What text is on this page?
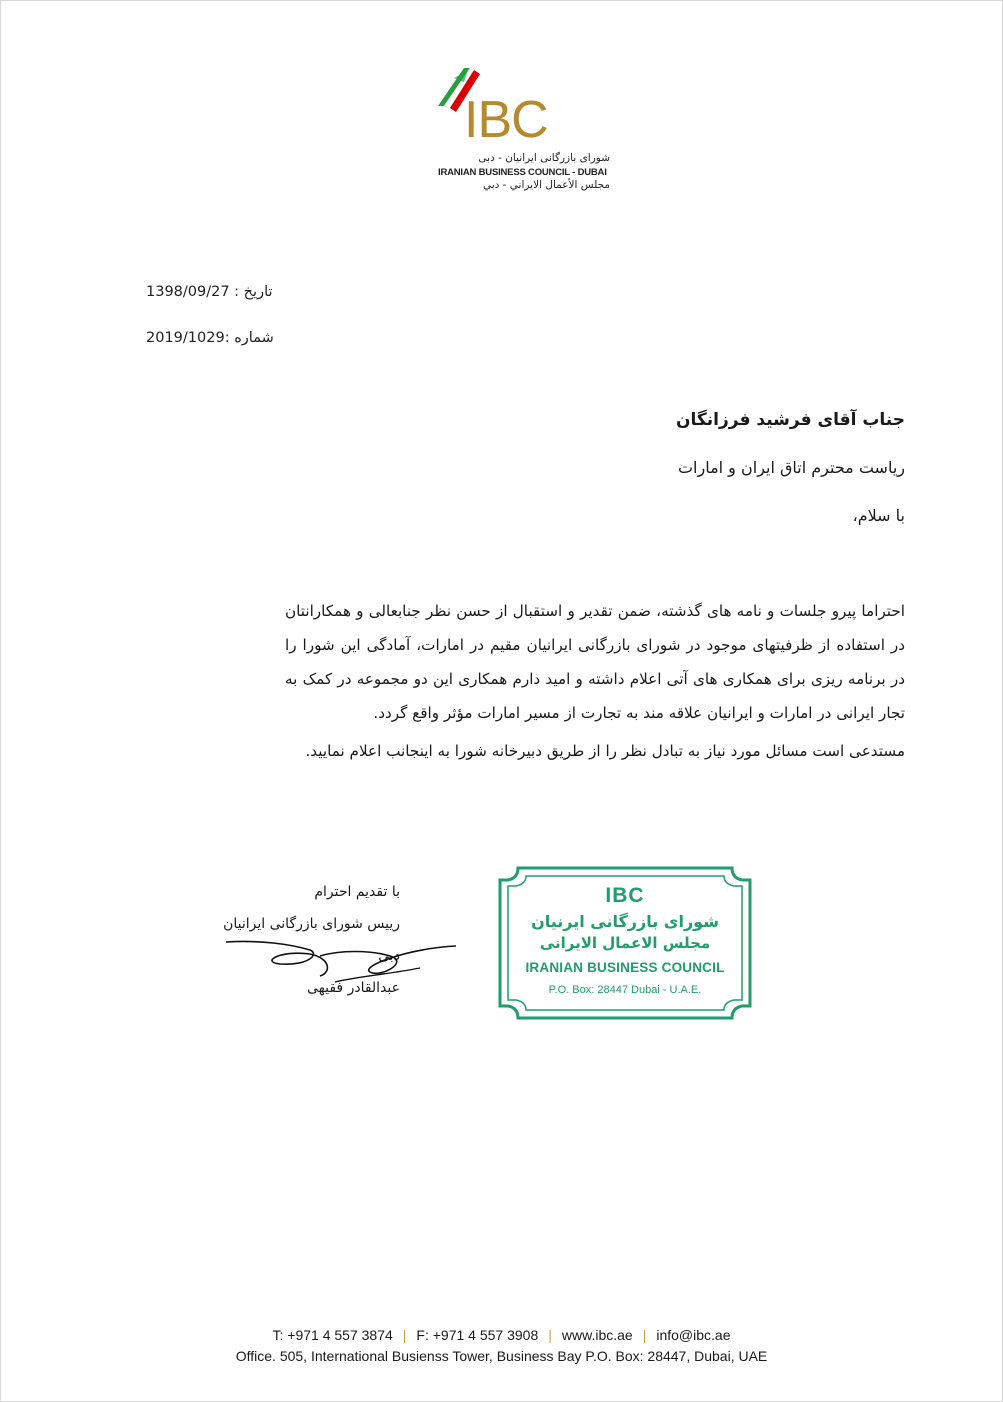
IBC
شورای بازرگانی ایرانیان - دبی
IRANIAN BUSINESS COUNCIL - DUBAI
مجلس الأعمال الايراني - دبي
تاریخ : 1398/09/27
شماره :2019/1029
جناب آقای فرشید فرزانگان
ریاست محترم اتاق ایران و امارات
با سلام،

احتراما پیرو جلسات و نامه های گذشته، ضمن تقدیر و استقبال از حسن نظر جنابعالی و همکارانتان در استفاده از ظرفیتهای موجود در شورای بازرگانی ایرانیان مقیم در امارات، آمادگی این شورا را در برنامه ریزی برای همکاری های آتی اعلام داشته و امید دارم همکاری این دو مجموعه در کمک به تجار ایرانی در امارات و ایرانیان علاقه مند به تجارت از مسیر امارات مؤثر واقع گردد.

مستدعی است مسائل مورد نیاز به تبادل نظر را از طریق دبیرخانه شورا به اینجانب اعلام نمایید.

با تقدیم احترام
رییس شورای بازرگانی ایرانیان دبی
عبدالقادر فقیهی
IBC
شورای بازرگانی ایرنیان
مجلس الاعمال الایرانی
IRANIAN BUSINESS COUNCIL
P.O. Box: 28447 Dubai - U.A.E.
T: +971 4 557 3874 | F: +971 4 557 3908 | www.ibc.ae | info@ibc.ae
Office. 505, International Busienss Tower, Business Bay P.O. Box: 28447, Dubai, UAE
